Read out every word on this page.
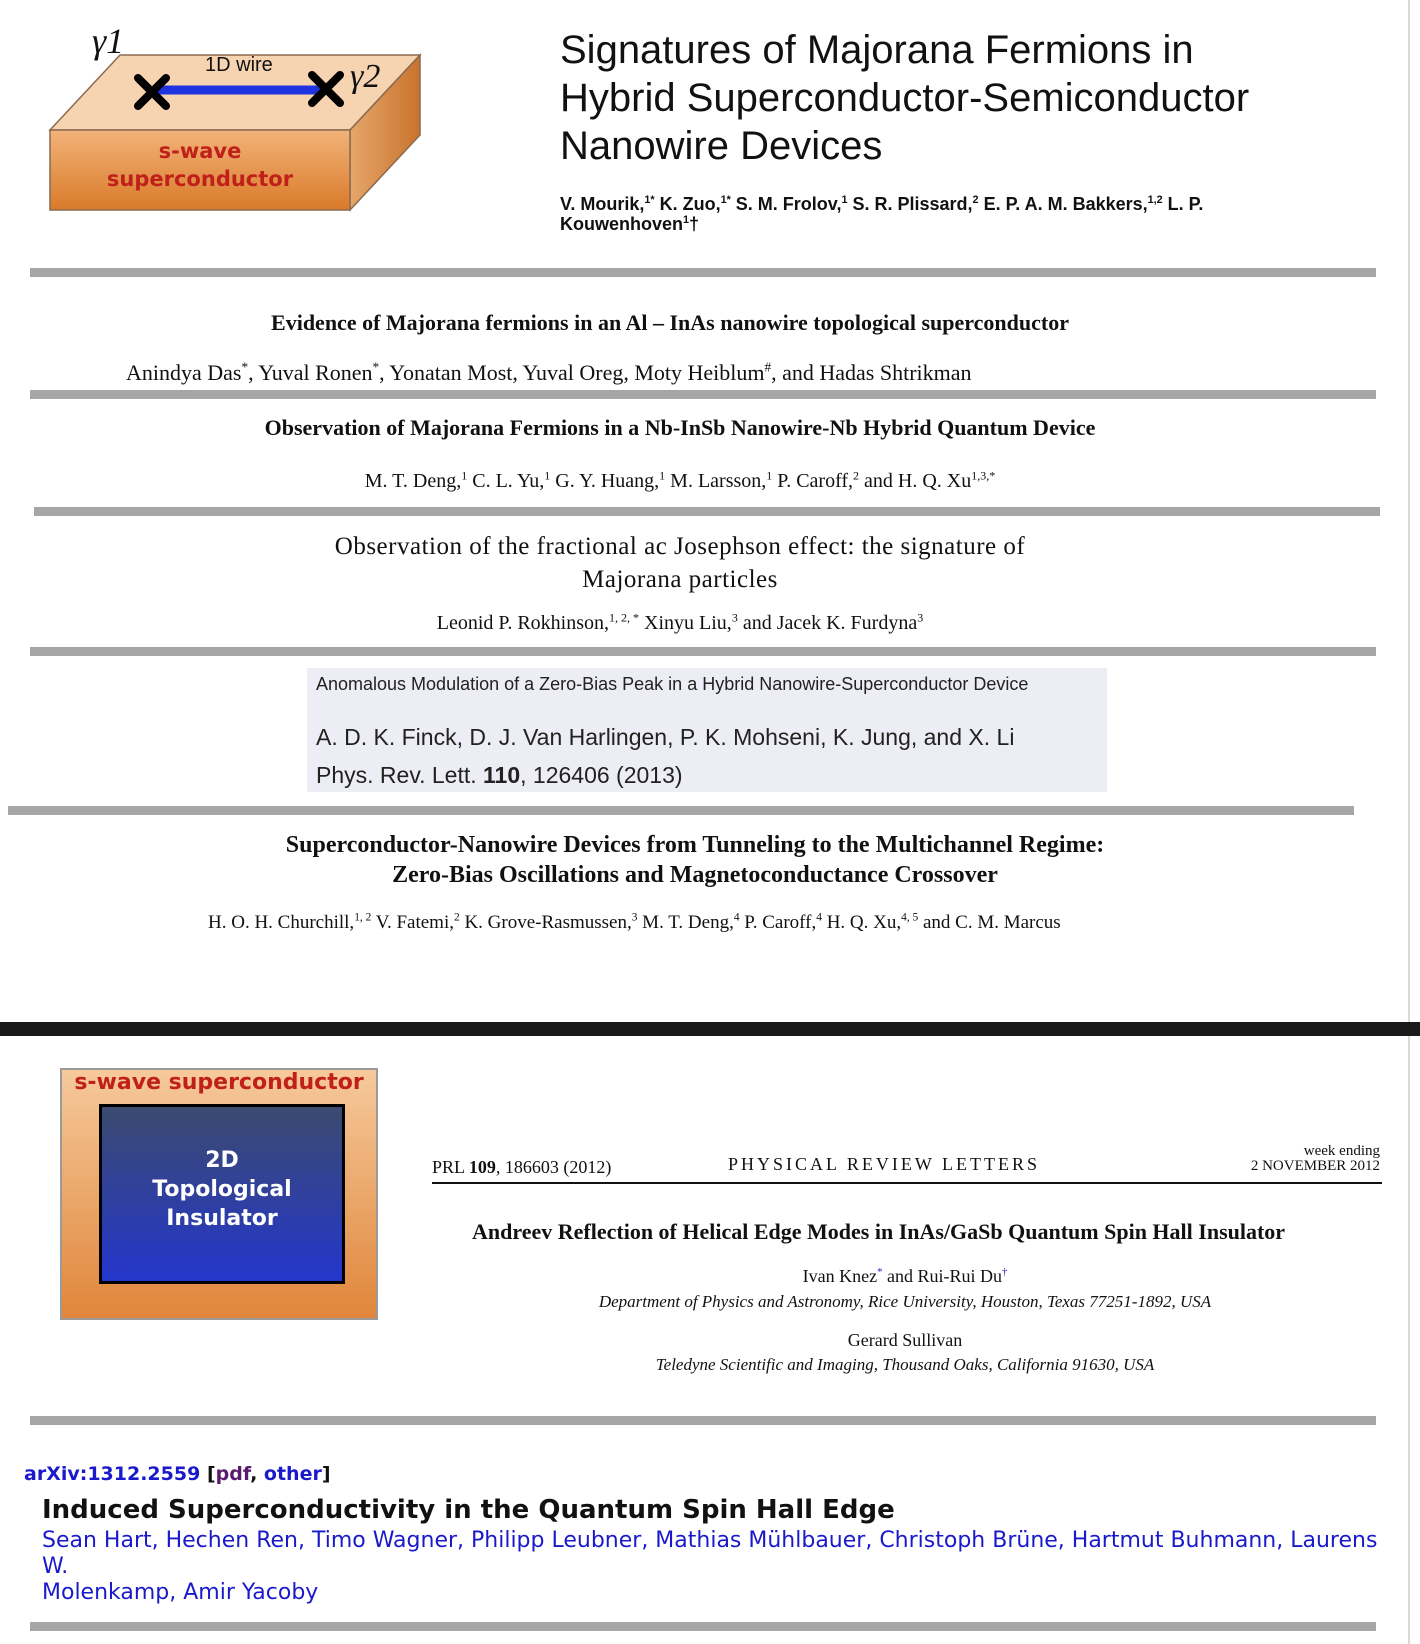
γ1
γ2
1D wire
s-wave
superconductor
Signatures of Majorana Fermions in
Hybrid Superconductor-Semiconductor
Nanowire Devices
V. Mourik,$^{1*}$ K. Zuo,$^{1*}$ S. M. Frolov,$^1$ S. R. Plissard,$^2$ E. P. A. M. Bakkers,$^{1,2}$ L. P.
Kouwenhoven$^1$†
Evidence of Majorana fermions in an Al – InAs nanowire topological superconductor
Anindya Das*, Yuval Ronen*, Yonatan Most, Yuval Oreg, Moty Heiblum#, and Hadas Shtrikman
Observation of Majorana Fermions in a Nb-InSb Nanowire-Nb Hybrid Quantum Device
M. T. Deng,$^1$ C. L. Yu,$^1$ G. Y. Huang,$^1$ M. Larsson,$^1$ P. Caroff,$^2$ and H. Q. $Xu^{1,3,*}$
Observation of the fractional ac Josephson effect: the signature of
Majorana particles
Leonid P. Rokhinson,$^{1, 2, *}$ Xinyu Liu,$^3$ and Jacek K. Furdyna$^3$
Anomalous Modulation of a Zero-Bias Peak in a Hybrid Nanowire-Superconductor Device
A. D. K. Finck, D. J. Van Harlingen, P. K. Mohseni, K. Jung, and X. Li
Phys. Rev. Lett. 110, 126406 (2013)
Superconductor-Nanowire Devices from Tunneling to the Multichannel Regime:
Zero-Bias Oscillations and Magnetoconductance Crossover
H. O. H. Churchill,$^{1, 2}$ V. Fatemi,$^2$ K. Grove-Rasmussen,$^3$ M. T. Deng,$^4$ P. Caroff,$^4$ H. Q. Xu,$^{4, 5}$ and C. M. Marcus
s-wave superconductor
2D
Topological
Insulator
PRL 109, 186603 (2012)	PHYSICAL REVIEW LETTERS
week ending
2 NOVEMBER 2012
Andreev Reflection of Helical Edge Modes in InAs/GaSb Quantum Spin Hall Insulator
Ivan Knez* and Rui-Rui Du†
Department of Physics and Astronomy, Rice University, Houston, Texas 77251-1892, USA
Gerard Sullivan
Teledyne Scientific and Imaging, Thousand Oaks, California 91630, USA
arXiv:1312.2559 [pdf, other]
Induced Superconductivity in the Quantum Spin Hall Edge
Sean Hart, Hechen Ren, Timo Wagner, Philipp Leubner, Mathias Mühlbauer, Christoph Brüne, Hartmut Buhmann, Laurens W.
Molenkamp, Amir Yacoby
